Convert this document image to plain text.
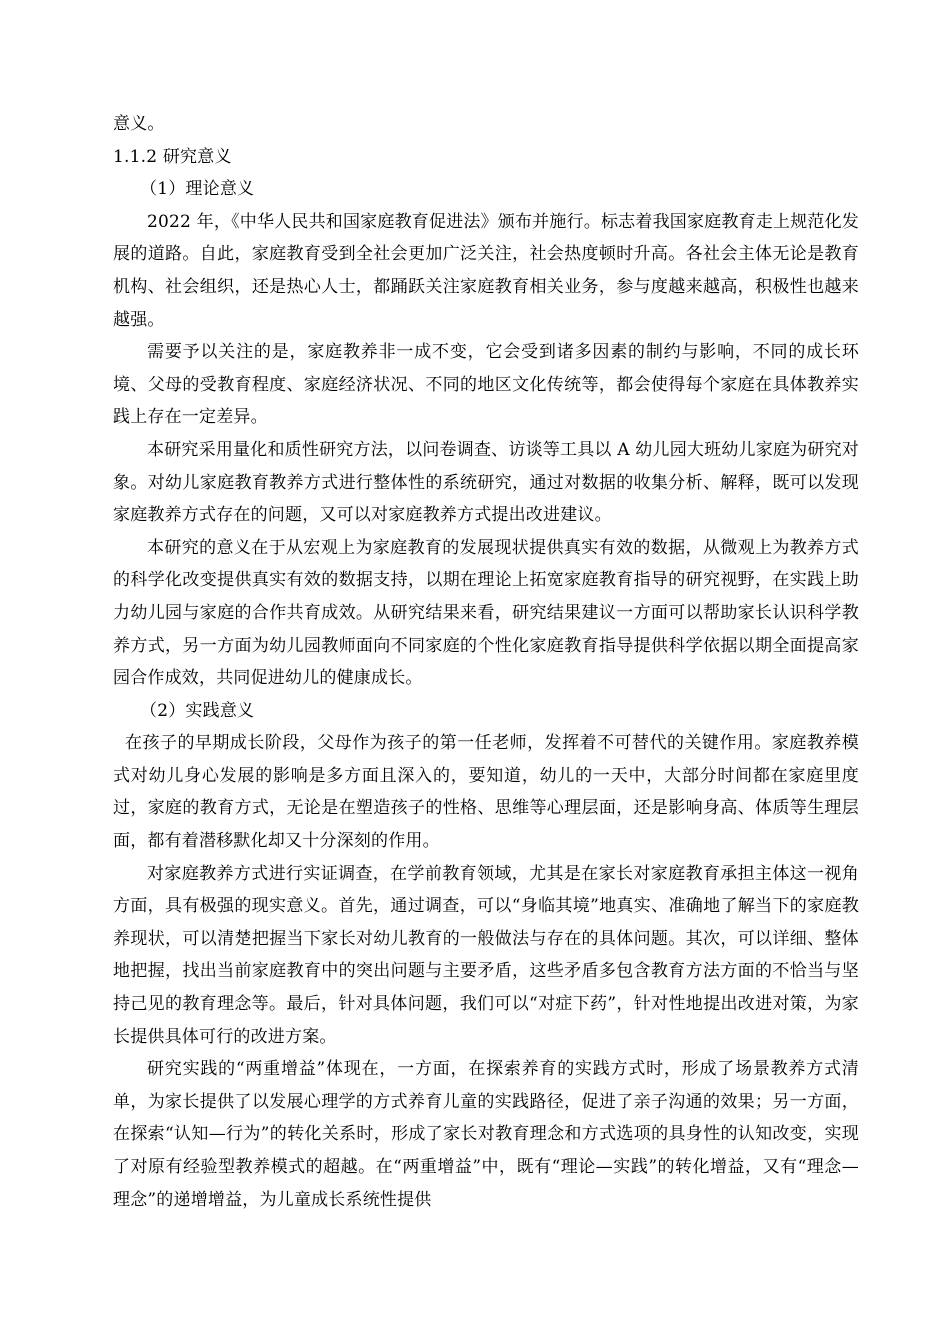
意义。

1.1.2 研究意义

（1）理论意义

2022 年，《中华人民共和国家庭教育促进法》颁布并施行。标志着我国家庭教育走上规范化发展的道路。自此，家庭教育受到全社会更加广泛关注，社会热度顿时升高。各社会主体无论是教育机构、社会组织，还是热心人士，都踊跃关注家庭教育相关业务，参与度越来越高，积极性也越来越强。

需要予以关注的是，家庭教养非一成不变，它会受到诸多因素的制约与影响，不同的成长环境、父母的受教育程度、家庭经济状况、不同的地区文化传统等，都会使得每个家庭在具体教养实践上存在一定差异。

本研究采用量化和质性研究方法，以问卷调查、访谈等工具以 A 幼儿园大班幼儿家庭为研究对象。对幼儿家庭教育教养方式进行整体性的系统研究，通过对数据的收集分析、解释，既可以发现家庭教养方式存在的问题，又可以对家庭教养方式提出改进建议。

本研究的意义在于从宏观上为家庭教育的发展现状提供真实有效的数据，从微观上为教养方式的科学化改变提供真实有效的数据支持，以期在理论上拓宽家庭教育指导的研究视野，在实践上助力幼儿园与家庭的合作共育成效。从研究结果来看，研究结果建议一方面可以帮助家长认识科学教养方式，另一方面为幼儿园教师面向不同家庭的个性化家庭教育指导提供科学依据以期全面提高家园合作成效，共同促进幼儿的健康成长。

（2）实践意义

在孩子的早期成长阶段，父母作为孩子的第一任老师，发挥着不可替代的关键作用。家庭教养模式对幼儿身心发展的影响是多方面且深入的，要知道，幼儿的一天中，大部分时间都在家庭里度过，家庭的教育方式，无论是在塑造孩子的性格、思维等心理层面，还是影响身高、体质等生理层面，都有着潜移默化却又十分深刻的作用。

对家庭教养方式进行实证调查，在学前教育领域，尤其是在家长对家庭教育承担主体这一视角方面，具有极强的现实意义。首先，通过调查，可以“身临其境”地真实、准确地了解当下的家庭教养现状，可以清楚把握当下家长对幼儿教育的一般做法与存在的具体问题。其次，可以详细、整体地把握，找出当前家庭教育中的突出问题与主要矛盾，这些矛盾多包含教育方法方面的不恰当与坚持己见的教育理念等。最后，针对具体问题，我们可以“对症下药”，针对性地提出改进对策，为家长提供具体可行的改进方案。

研究实践的“两重增益”体现在，一方面，在探索养育的实践方式时，形成了场景教养方式清单，为家长提供了以发展心理学的方式养育儿童的实践路径，促进了亲子沟通的效果；另一方面，在探索“认知—行为”的转化关系时，形成了家长对教育理念和方式选项的具身性的认知改变，实现了对原有经验型教养模式的超越。在“两重增益”中，既有“理论—实践”的转化增益，又有“理念—理念”的递增增益，为儿童成长系统性提供
